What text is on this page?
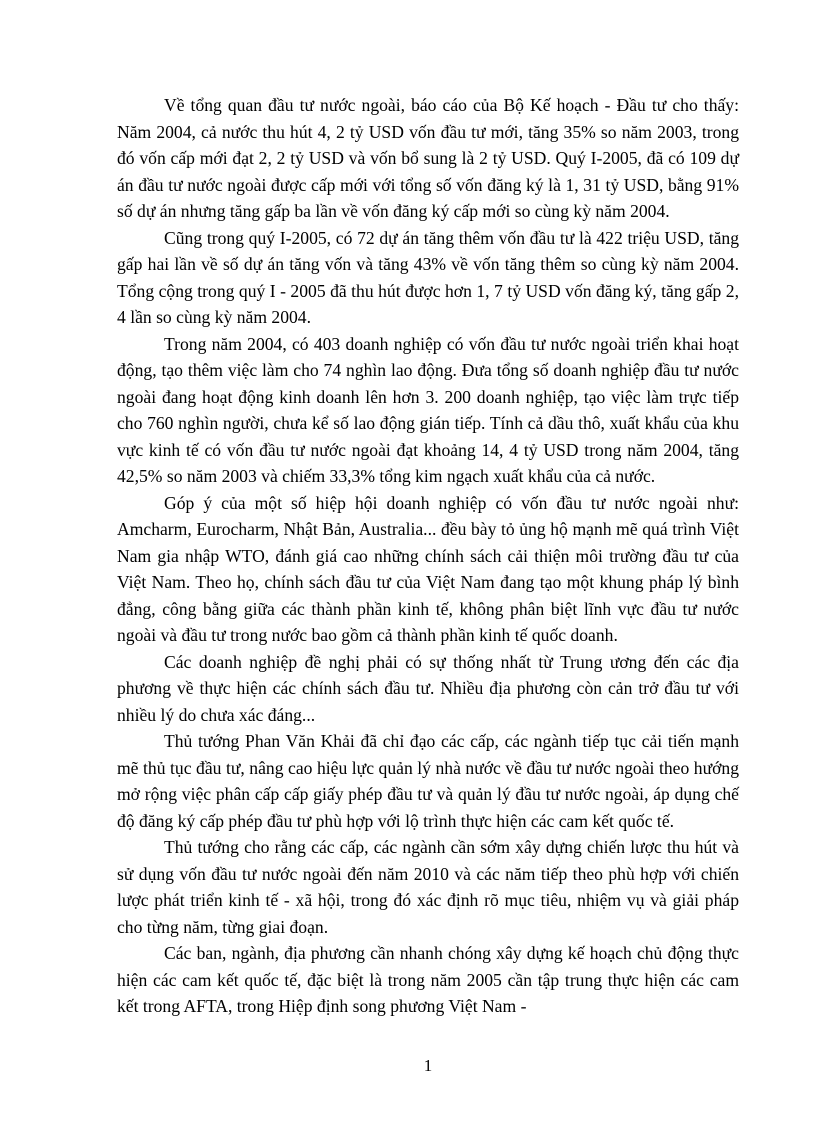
Về tổng quan đầu tư nước ngoài, báo cáo của Bộ Kế hoạch - Đầu tư cho thấy: Năm 2004, cả nước thu hút 4, 2 tỷ USD vốn đầu tư mới, tăng 35% so năm 2003, trong đó vốn cấp mới đạt 2, 2 tỷ USD và vốn bổ sung là 2 tỷ USD. Quý I-2005, đã có 109 dự án đầu tư nước ngoài được cấp mới với tổng số vốn đăng ký là 1, 31 tỷ USD, bằng 91% số dự án nhưng tăng gấp ba lần về vốn đăng ký cấp mới so cùng kỳ năm 2004.

Cũng trong quý I-2005, có 72 dự án tăng thêm vốn đầu tư là 422 triệu USD, tăng gấp hai lần về số dự án tăng vốn và tăng 43% về vốn tăng thêm so cùng kỳ năm 2004. Tổng cộng trong quý I - 2005 đã thu hút được hơn 1, 7 tỷ USD vốn đăng ký, tăng gấp 2, 4 lần so cùng kỳ năm 2004.

Trong năm 2004, có 403 doanh nghiệp có vốn đầu tư nước ngoài triển khai hoạt động, tạo thêm việc làm cho 74 nghìn lao động. Đưa tổng số doanh nghiệp đầu tư nước ngoài đang hoạt động kinh doanh lên hơn 3. 200 doanh nghiệp, tạo việc làm trực tiếp cho 760 nghìn người, chưa kể số lao động gián tiếp. Tính cả dầu thô, xuất khẩu của khu vực kinh tế có vốn đầu tư nước ngoài đạt khoảng 14, 4 tỷ USD trong năm 2004, tăng 42,5% so năm 2003 và chiếm 33,3% tổng kim ngạch xuất khẩu của cả nước.

Góp ý của một số hiệp hội doanh nghiệp có vốn đầu tư nước ngoài như: Amcharm, Eurocharm, Nhật Bản, Australia... đều bày tỏ ủng hộ mạnh mẽ quá trình Việt Nam gia nhập WTO, đánh giá cao những chính sách cải thiện môi trường đầu tư của Việt Nam. Theo họ, chính sách đầu tư của Việt Nam đang tạo một khung pháp lý bình đẳng, công bằng giữa các thành phần kinh tế, không phân biệt lĩnh vực đầu tư nước ngoài và đầu tư trong nước bao gồm cả thành phần kinh tế quốc doanh.

Các doanh nghiệp đề nghị phải có sự thống nhất từ Trung ương đến các địa phương về thực hiện các chính sách đầu tư. Nhiều địa phương còn cản trở đầu tư với nhiều lý do chưa xác đáng...

Thủ tướng Phan Văn Khải đã chỉ đạo các cấp, các ngành tiếp tục cải tiến mạnh mẽ thủ tục đầu tư, nâng cao hiệu lực quản lý nhà nước về đầu tư nước ngoài theo hướng mở rộng việc phân cấp cấp giấy phép đầu tư và quản lý đầu tư nước ngoài, áp dụng chế độ đăng ký cấp phép đầu tư phù hợp với lộ trình thực hiện các cam kết quốc tế.

Thủ tướng cho rằng các cấp, các ngành cần sớm xây dựng chiến lược thu hút và sử dụng vốn đầu tư nước ngoài đến năm 2010 và các năm tiếp theo phù hợp với chiến lược phát triển kinh tế - xã hội, trong đó xác định rõ mục tiêu, nhiệm vụ và giải pháp cho từng năm, từng giai đoạn.

Các ban, ngành, địa phương cần nhanh chóng xây dựng kế hoạch chủ động thực hiện các cam kết quốc tế, đặc biệt là trong năm 2005 cần tập trung thực hiện các cam kết trong AFTA, trong Hiệp định song phương Việt Nam -

1
